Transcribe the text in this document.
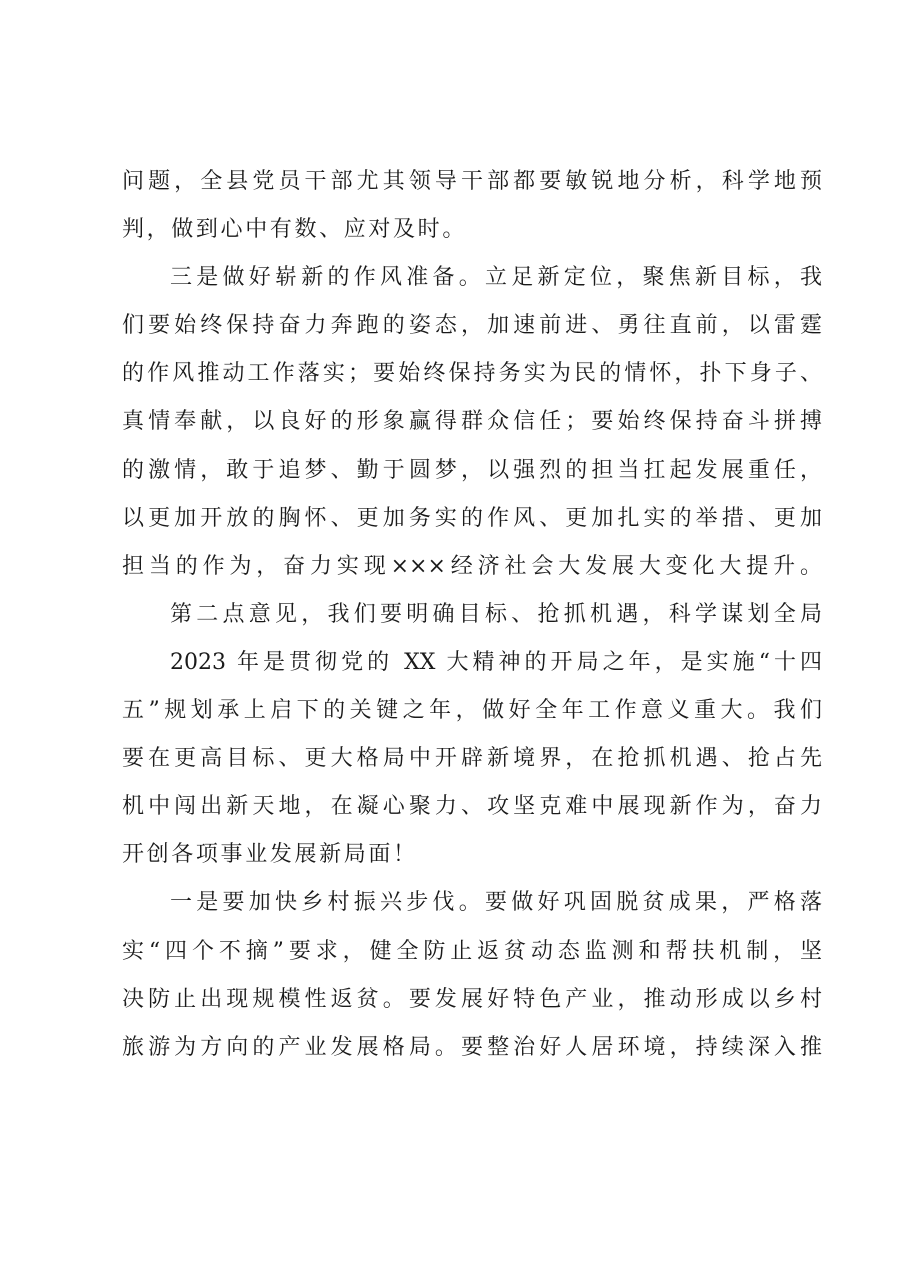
问题，全县党员干部尤其领导干部都要敏锐地分析，科学地预
判，做到心中有数、应对及时。
三是做好崭新的作风准备。立足新定位，聚焦新目标，我
们要始终保持奋力奔跑的姿态，加速前进、勇往直前，以雷霆
的作风推动工作落实；要始终保持务实为民的情怀，扑下身子、
真情奉献，以良好的形象赢得群众信任；要始终保持奋斗拼搏
的激情，敢于追梦、勤于圆梦，以强烈的担当扛起发展重任，
以更加开放的胸怀、更加务实的作风、更加扎实的举措、更加
担当的作为，奋力实现×××经济社会大发展大变化大提升。
第二点意见，我们要明确目标、抢抓机遇，科学谋划全局
2023 年是贯彻党的 XX 大精神的开局之年，是实施“十四
五”规划承上启下的关键之年，做好全年工作意义重大。我们
要在更高目标、更大格局中开辟新境界，在抢抓机遇、抢占先
机中闯出新天地，在凝心聚力、攻坚克难中展现新作为，奋力
开创各项事业发展新局面！
一是要加快乡村振兴步伐。要做好巩固脱贫成果，严格落
实“四个不摘”要求，健全防止返贫动态监测和帮扶机制，坚
决防止出现规模性返贫。要发展好特色产业，推动形成以乡村
旅游为方向的产业发展格局。要整治好人居环境，持续深入推
